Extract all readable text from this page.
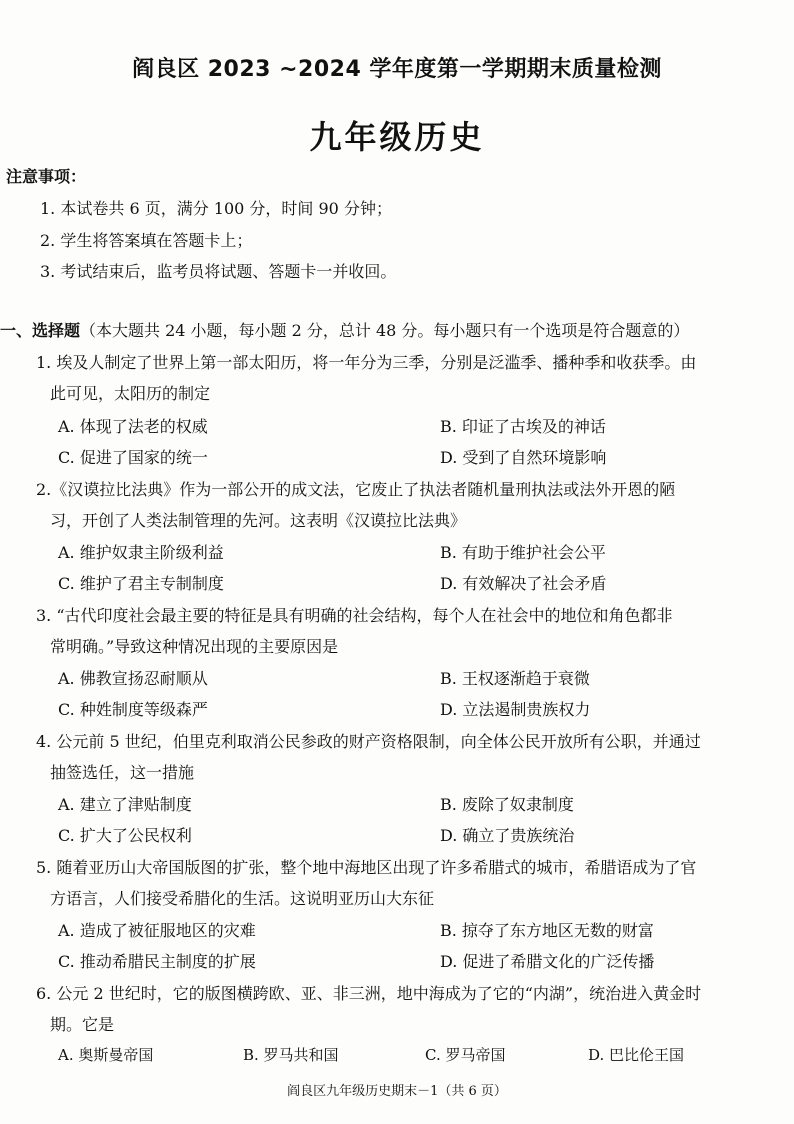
阎良区 2023 ~2024 学年度第一学期期末质量检测
九年级历史
注意事项：
1. 本试卷共 6 页，满分 100 分，时间 90 分钟；
2. 学生将答案填在答题卡上；
3. 考试结束后，监考员将试题、答题卡一并收回。
一、选择题（本大题共 24 小题，每小题 2 分，总计 48 分。每小题只有一个选项是符合题意的）
1. 埃及人制定了世界上第一部太阳历，将一年分为三季，分别是泛滥季、播种季和收获季。由
此可见，太阳历的制定
A. 体现了法老的权威	B. 印证了古埃及的神话
C. 促进了国家的统一	D. 受到了自然环境影响
2.《汉谟拉比法典》作为一部公开的成文法，它废止了执法者随机量刑执法或法外开恩的陋
习，开创了人类法制管理的先河。这表明《汉谟拉比法典》
A. 维护奴隶主阶级利益	B. 有助于维护社会公平
C. 维护了君主专制制度	D. 有效解决了社会矛盾
3. “古代印度社会最主要的特征是具有明确的社会结构，每个人在社会中的地位和角色都非
常明确。”导致这种情况出现的主要原因是
A. 佛教宣扬忍耐顺从	B. 王权逐渐趋于衰微
C. 种姓制度等级森严	D. 立法遏制贵族权力
4. 公元前 5 世纪，伯里克利取消公民参政的财产资格限制，向全体公民开放所有公职，并通过
抽签选任，这一措施
A. 建立了津贴制度	B. 废除了奴隶制度
C. 扩大了公民权利	D. 确立了贵族统治
5. 随着亚历山大帝国版图的扩张，整个地中海地区出现了许多希腊式的城市，希腊语成为了官
方语言，人们接受希腊化的生活。这说明亚历山大东征
A. 造成了被征服地区的灾难	B. 掠夺了东方地区无数的财富
C. 推动希腊民主制度的扩展	D. 促进了希腊文化的广泛传播
6. 公元 2 世纪时，它的版图横跨欧、亚、非三洲，地中海成为了它的“内湖”，统治进入黄金时
期。它是
A. 奥斯曼帝国	B. 罗马共和国	C. 罗马帝国	D. 巴比伦王国
阎良区九年级历史期末－1（共 6 页）
